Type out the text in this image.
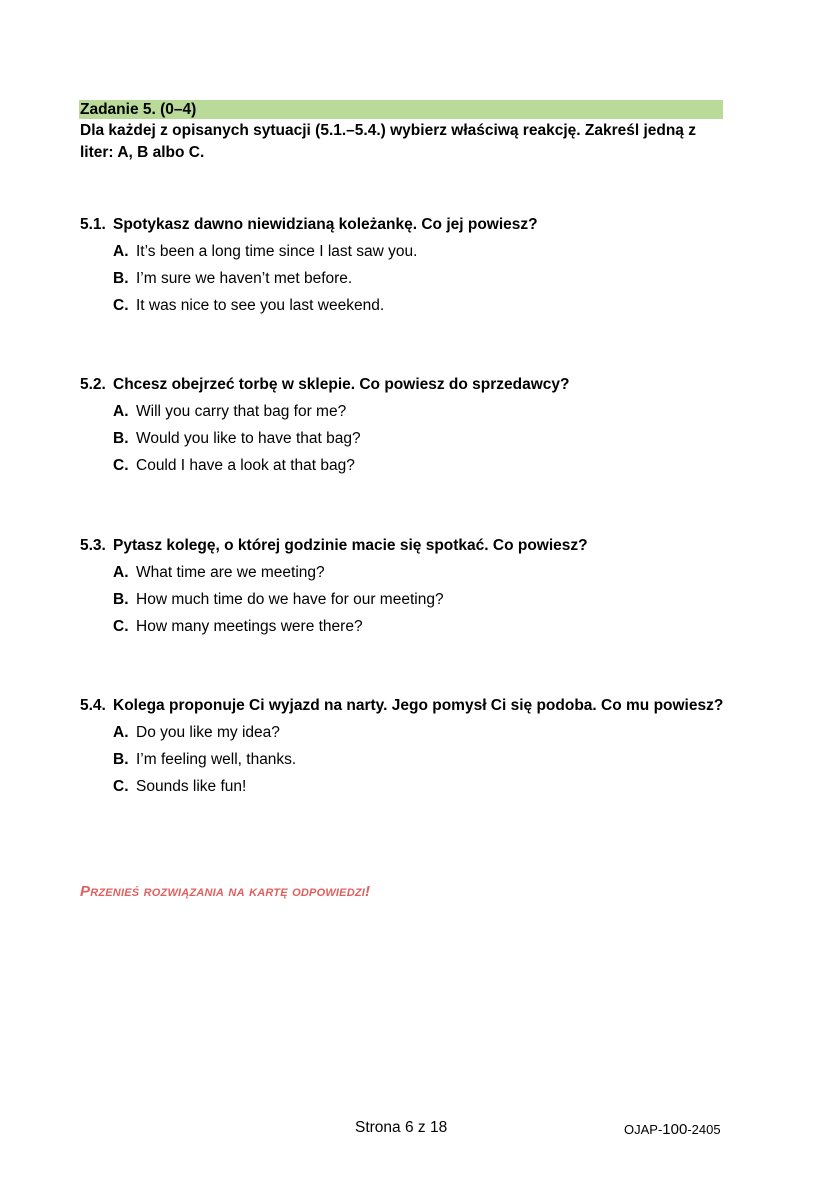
Zadanie 5. (0–4)
Dla każdej z opisanych sytuacji (5.1.–5.4.) wybierz właściwą reakcję. Zakreśl jedną z liter: A, B albo C.
5.1. Spotykasz dawno niewidzianą koleżankę. Co jej powiesz?
A. It’s been a long time since I last saw you.
B. I’m sure we haven’t met before.
C. It was nice to see you last weekend.
5.2. Chcesz obejrzeć torbę w sklepie. Co powiesz do sprzedawcy?
A. Will you carry that bag for me?
B. Would you like to have that bag?
C. Could I have a look at that bag?
5.3. Pytasz kolegę, o której godzinie macie się spotkać. Co powiesz?
A. What time are we meeting?
B. How much time do we have for our meeting?
C. How many meetings were there?
5.4. Kolega proponuje Ci wyjazd na narty. Jego pomysł Ci się podoba. Co mu powiesz?
A. Do you like my idea?
B. I’m feeling well, thanks.
C. Sounds like fun!
Przenieś rozwiązania na kartę odpowiedzi!
Strona 6 z 18	OJAP-100-2405
